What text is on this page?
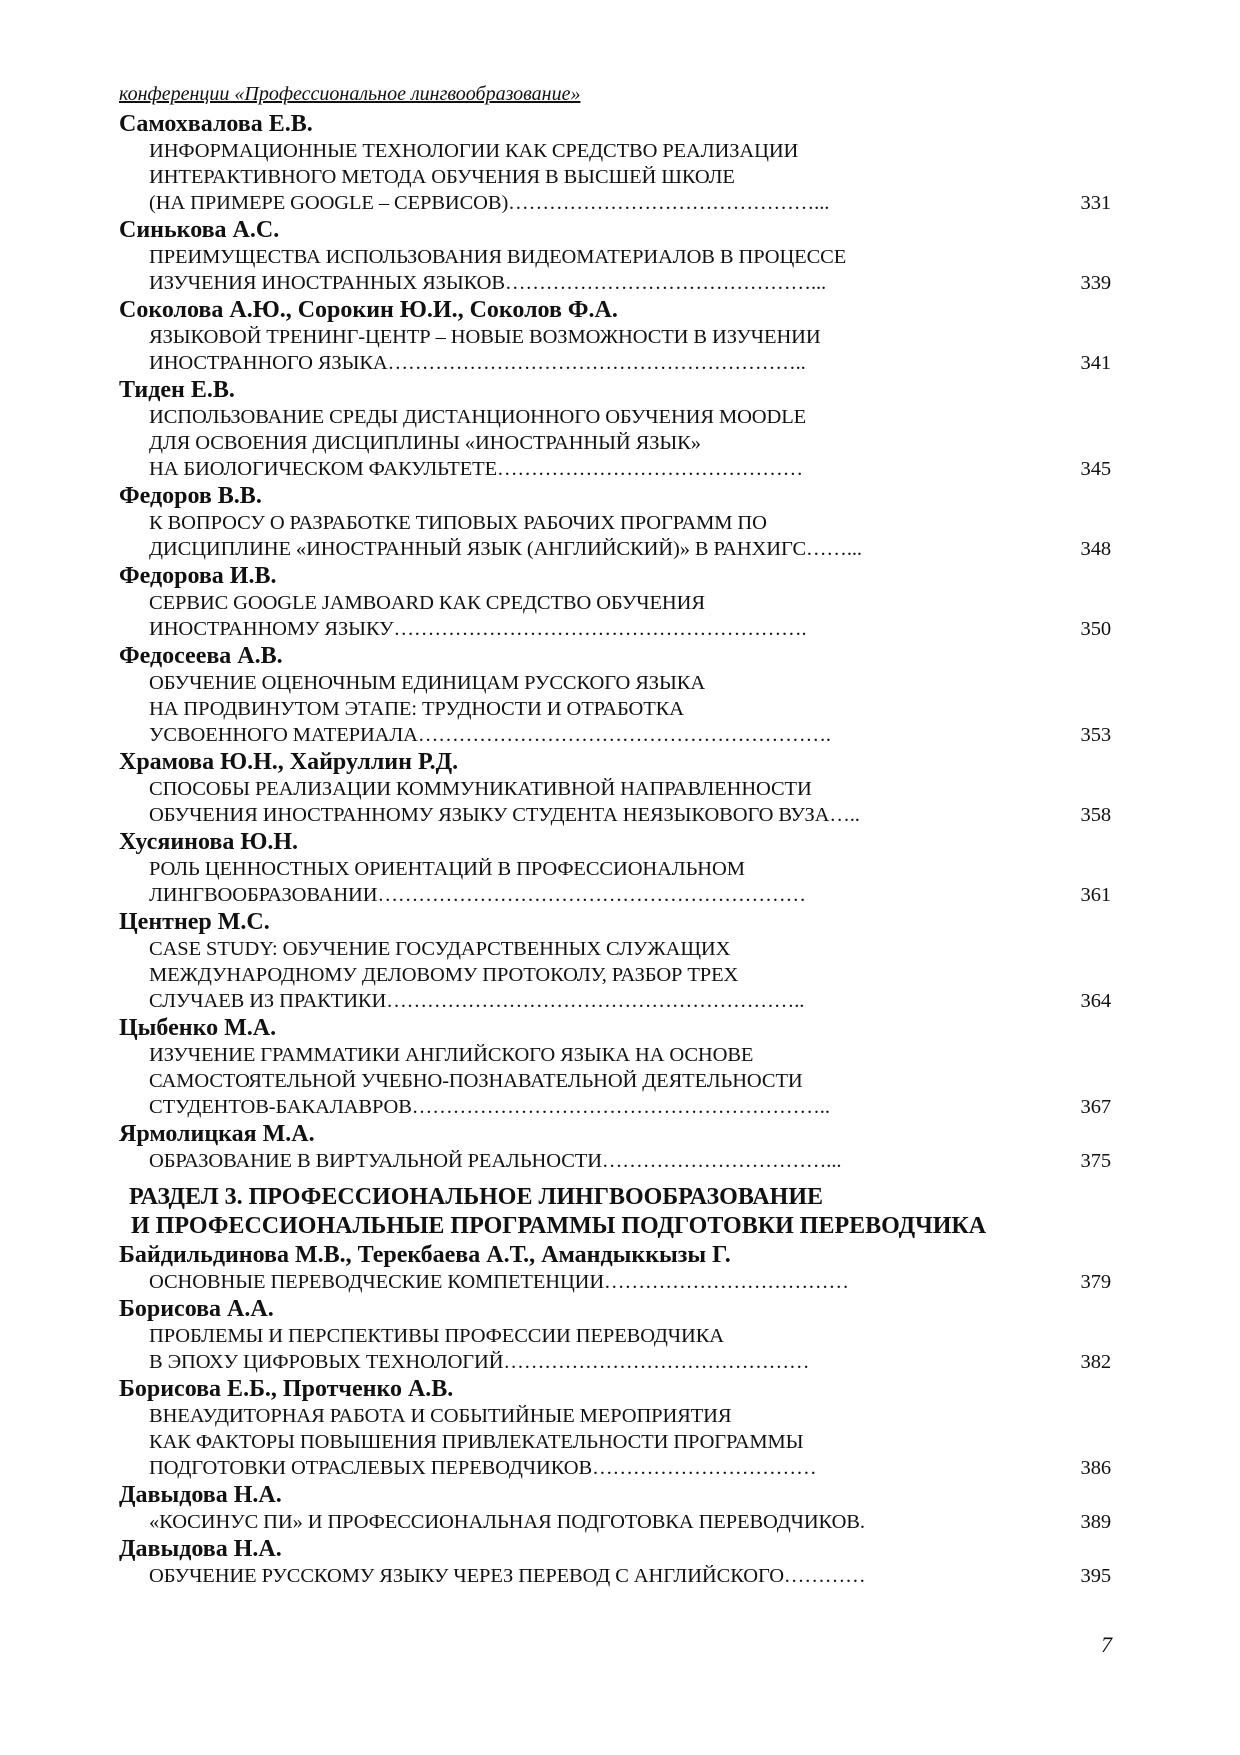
конференции «Профессиональное лингвообразование»
Самохвалова Е.В.
ИНФОРМАЦИОННЫЕ ТЕХНОЛОГИИ КАК СРЕДСТВО РЕАЛИЗАЦИИ
ИНТЕРАКТИВНОГО МЕТОДА ОБУЧЕНИЯ В ВЫСШЕЙ ШКОЛЕ
(НА ПРИМЕРЕ GOOGLE – СЕРВИСОВ)………………………………………...	331
Синькова А.С.
ПРЕИМУЩЕСТВА ИСПОЛЬЗОВАНИЯ ВИДЕОМАТЕРИАЛОВ В ПРОЦЕССЕ
ИЗУЧЕНИЯ ИНОСТРАННЫХ ЯЗЫКОВ………………………………………...	339
Соколова А.Ю., Сорокин Ю.И., Соколов Ф.А.
ЯЗЫКОВОЙ ТРЕНИНГ-ЦЕНТР – НОВЫЕ ВОЗМОЖНОСТИ В ИЗУЧЕНИИ
ИНОСТРАННОГО ЯЗЫКА……………………………………………………..	341
Тиден Е.В.
ИСПОЛЬЗОВАНИЕ СРЕДЫ ДИСТАНЦИОННОГО ОБУЧЕНИЯ MOODLE
ДЛЯ ОСВОЕНИЯ ДИСЦИПЛИНЫ «ИНОСТРАННЫЙ ЯЗЫК»
НА БИОЛОГИЧЕСКОМ ФАКУЛЬТЕТЕ………………………………………	345
Федоров В.В.
К ВОПРОСУ О РАЗРАБОТКЕ ТИПОВЫХ РАБОЧИХ ПРОГРАММ ПО
ДИСЦИПЛИНЕ «ИНОСТРАННЫЙ ЯЗЫК (АНГЛИЙСКИЙ)» В РАНХИГС……...	348
Федорова И.В.
СЕРВИС GOOGLE JAMBOARD КАК СРЕДСТВО ОБУЧЕНИЯ
ИНОСТРАННОМУ ЯЗЫКУ…………………………………………………….	350
Федосеева А.В.
ОБУЧЕНИЕ ОЦЕНОЧНЫМ ЕДИНИЦАМ РУССКОГО ЯЗЫКА
НА ПРОДВИНУТОМ ЭТАПЕ: ТРУДНОСТИ И ОТРАБОТКА
УСВОЕННОГО МАТЕРИАЛА…………………………………………………….	353
Храмова Ю.Н., Хайруллин Р.Д.
СПОСОБЫ РЕАЛИЗАЦИИ КОММУНИКАТИВНОЙ НАПРАВЛЕННОСТИ
ОБУЧЕНИЯ ИНОСТРАННОМУ ЯЗЫКУ СТУДЕНТА НЕЯЗЫКОВОГО ВУЗА…..	358
Хусяинова Ю.Н.
РОЛЬ ЦЕННОСТНЫХ ОРИЕНТАЦИЙ В ПРОФЕССИОНАЛЬНОМ
ЛИНГВООБРАЗОВАНИИ………………………………………………………	361
Центнер М.С.
CASE STUDY: ОБУЧЕНИЕ ГОСУДАРСТВЕННЫХ СЛУЖАЩИХ
МЕЖДУНАРОДНОМУ ДЕЛОВОМУ ПРОТОКОЛУ, РАЗБОР ТРЕХ
СЛУЧАЕВ ИЗ ПРАКТИКИ……………………………………………………..	364
Цыбенко М.А.
ИЗУЧЕНИЕ ГРАММАТИКИ АНГЛИЙСКОГО ЯЗЫКА НА ОСНОВЕ
САМОСТОЯТЕЛЬНОЙ УЧЕБНО-ПОЗНАВАТЕЛЬНОЙ ДЕЯТЕЛЬНОСТИ
СТУДЕНТОВ-БАКАЛАВРОВ……………………………………………………..	367
Ярмолицкая М.А.
ОБРАЗОВАНИЕ В ВИРТУАЛЬНОЙ РЕАЛЬНОСТИ……………………………...	375
РАЗДЕЛ 3. ПРОФЕССИОНАЛЬНОЕ ЛИНГВООБРАЗОВАНИЕ
И ПРОФЕССИОНАЛЬНЫЕ ПРОГРАММЫ ПОДГОТОВКИ ПЕРЕВОДЧИКА
Байдильдинова М.В., Терекбаева А.Т., Амандыккызы Г.
ОСНОВНЫЕ ПЕРЕВОДЧЕСКИЕ КОМПЕТЕНЦИИ………………………………	379
Борисова А.А.
ПРОБЛЕМЫ И ПЕРСПЕКТИВЫ ПРОФЕССИИ ПЕРЕВОДЧИКА
В ЭПОХУ ЦИФРОВЫХ ТЕХНОЛОГИЙ………………………………………	382
Борисова Е.Б., Протченко А.В.
ВНЕАУДИТОРНАЯ РАБОТА И СОБЫТИЙНЫЕ МЕРОПРИЯТИЯ
КАК ФАКТОРЫ ПОВЫШЕНИЯ ПРИВЛЕКАТЕЛЬНОСТИ ПРОГРАММЫ
ПОДГОТОВКИ ОТРАСЛЕВЫХ ПЕРЕВОДЧИКОВ……………………………	386
Давыдова Н.А.
«КОСИНУС ПИ» И ПРОФЕССИОНАЛЬНАЯ ПОДГОТОВКА ПЕРЕВОДЧИКОВ.	389
Давыдова Н.А.
ОБУЧЕНИЕ РУССКОМУ ЯЗЫКУ ЧЕРЕЗ ПЕРЕВОД С АНГЛИЙСКОГО…………	395
7
